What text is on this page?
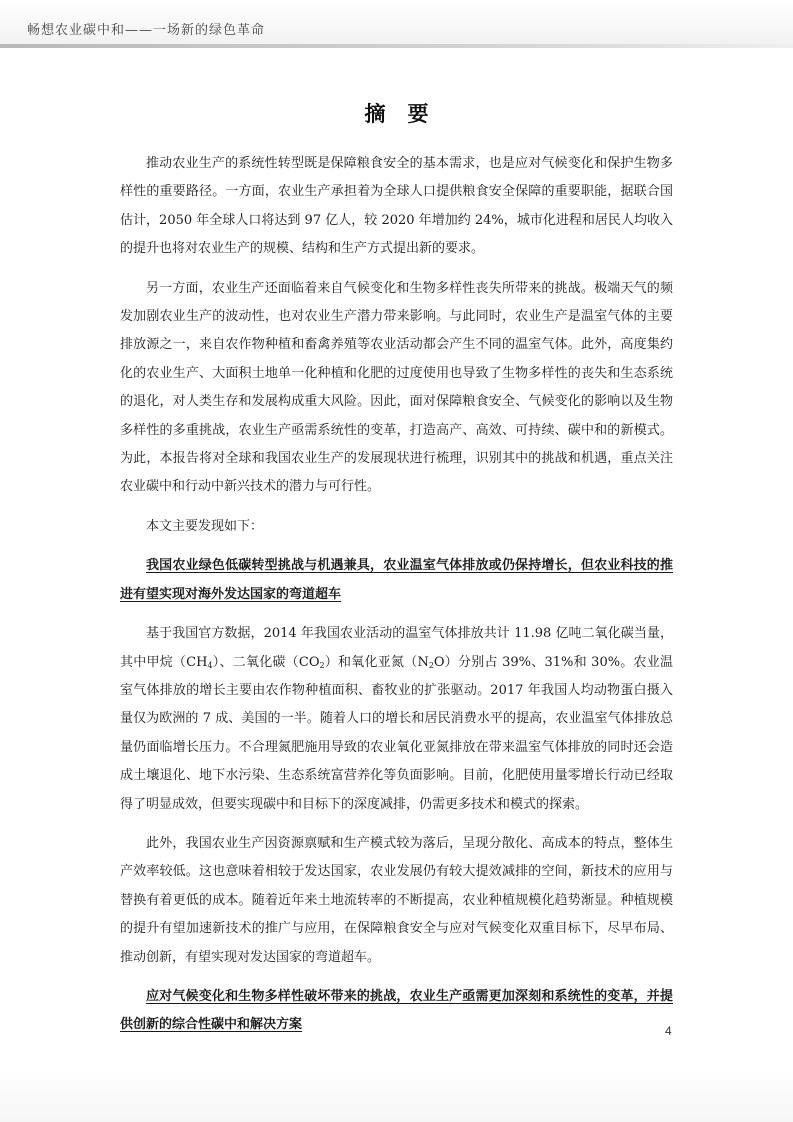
畅想农业碳中和——一场新的绿色革命
摘要

推动农业生产的系统性转型既是保障粮食安全的基本需求，也是应对气候变化和保护生物多样性的重要路径。一方面，农业生产承担着为全球人口提供粮食安全保障的重要职能，据联合国估计，2050 年全球人口将达到 97 亿人，较 2020 年增加约 24%，城市化进程和居民人均收入的提升也将对农业生产的规模、结构和生产方式提出新的要求。

另一方面，农业生产还面临着来自气候变化和生物多样性丧失所带来的挑战。极端天气的频发加剧农业生产的波动性，也对农业生产潜力带来影响。与此同时，农业生产是温室气体的主要排放源之一，来自农作物种植和畜禽养殖等农业活动都会产生不同的温室气体。此外，高度集约化的农业生产、大面积土地单一化种植和化肥的过度使用也导致了生物多样性的丧失和生态系统的退化，对人类生存和发展构成重大风险。因此，面对保障粮食安全、气候变化的影响以及生物多样性的多重挑战，农业生产亟需系统性的变革，打造高产、高效、可持续、碳中和的新模式。为此，本报告将对全球和我国农业生产的发展现状进行梳理，识别其中的挑战和机遇，重点关注农业碳中和行动中新兴技术的潜力与可行性。

本文主要发现如下：

我国农业绿色低碳转型挑战与机遇兼具，农业温室气体排放或仍保持增长，但农业科技的推进有望实现对海外发达国家的弯道超车

基于我国官方数据，2014 年我国农业活动的温室气体排放共计 11.98 亿吨二氧化碳当量，其中甲烷$(CH_4)$、二氧化碳$(CO_2)$和氧化亚氮$(N_2O)$分别占 39%、31%和 30%。农业温室气体排放的增长主要由农作物种植面积、畜牧业的扩张驱动。2017 年我国人均动物蛋白摄入量仅为欧洲的 7 成、美国的一半。随着人口的增长和居民消费水平的提高，农业温室气体排放总量仍面临增长压力。不合理氮肥施用导致的农业氧化亚氮排放在带来温室气体排放的同时还会造成土壤退化、地下水污染、生态系统富营养化等负面影响。目前，化肥使用量零增长行动已经取得了明显成效，但要实现碳中和目标下的深度减排，仍需更多技术和模式的探索。

此外，我国农业生产因资源禀赋和生产模式较为落后，呈现分散化、高成本的特点，整体生产效率较低。这也意味着相较于发达国家，农业发展仍有较大提效减排的空间，新技术的应用与替换有着更低的成本。随着近年来土地流转率的不断提高，农业种植规模化趋势渐显。种植规模的提升有望加速新技术的推广与应用，在保障粮食安全与应对气候变化双重目标下，尽早布局、推动创新，有望实现对发达国家的弯道超车。

应对气候变化和生物多样性破坏带来的挑战，农业生产亟需更加深刻和系统性的变革，并提供创新的综合性碳中和解决方案	4
